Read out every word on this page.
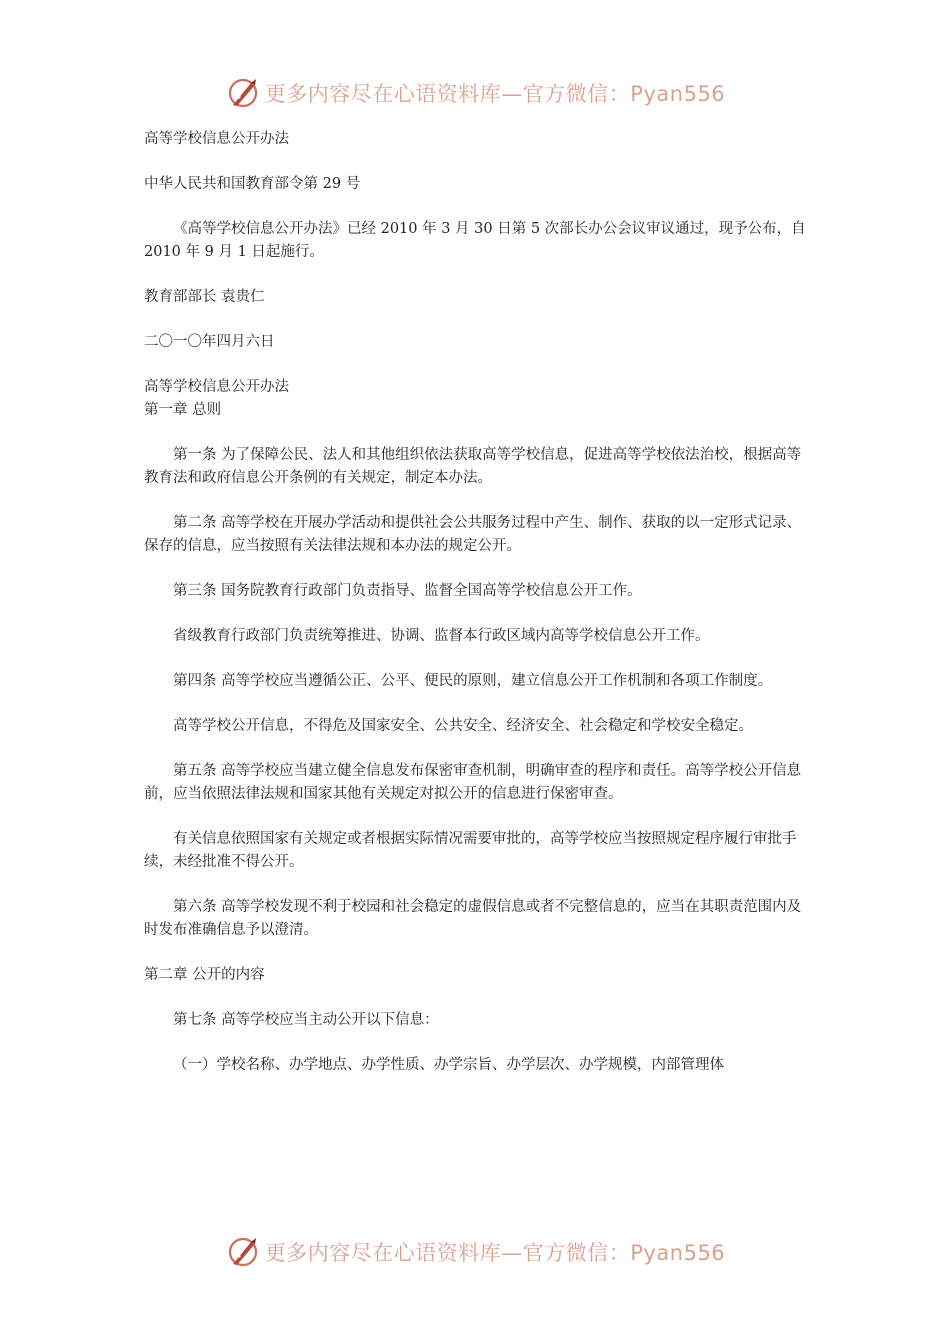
更多内容尽在心语资料库—官方微信：Pyan556

高等学校信息公开办法

中华人民共和国教育部令第 29 号

《高等学校信息公开办法》已经 2010 年 3 月 30 日第 5 次部长办公会议审议通过，现予公布，自 2010 年 9 月 1 日起施行。

教育部部长 袁贵仁

二〇一〇年四月六日

高等学校信息公开办法

第一章 总则

第一条 为了保障公民、法人和其他组织依法获取高等学校信息，促进高等学校依法治校，根据高等教育法和政府信息公开条例的有关规定，制定本办法。

第二条 高等学校在开展办学活动和提供社会公共服务过程中产生、制作、获取的以一定形式记录、保存的信息，应当按照有关法律法规和本办法的规定公开。

第三条 国务院教育行政部门负责指导、监督全国高等学校信息公开工作。

省级教育行政部门负责统筹推进、协调、监督本行政区域内高等学校信息公开工作。

第四条 高等学校应当遵循公正、公平、便民的原则，建立信息公开工作机制和各项工作制度。

高等学校公开信息，不得危及国家安全、公共安全、经济安全、社会稳定和学校安全稳定。

第五条 高等学校应当建立健全信息发布保密审查机制，明确审查的程序和责任。高等学校公开信息前，应当依照法律法规和国家其他有关规定对拟公开的信息进行保密审查。

有关信息依照国家有关规定或者根据实际情况需要审批的，高等学校应当按照规定程序履行审批手续，未经批准不得公开。

第六条 高等学校发现不利于校园和社会稳定的虚假信息或者不完整信息的，应当在其职责范围内及时发布准确信息予以澄清。

第二章 公开的内容

第七条 高等学校应当主动公开以下信息：

（一）学校名称、办学地点、办学性质、办学宗旨、办学层次、办学规模，内部管理体

更多内容尽在心语资料库—官方微信：Pyan556
